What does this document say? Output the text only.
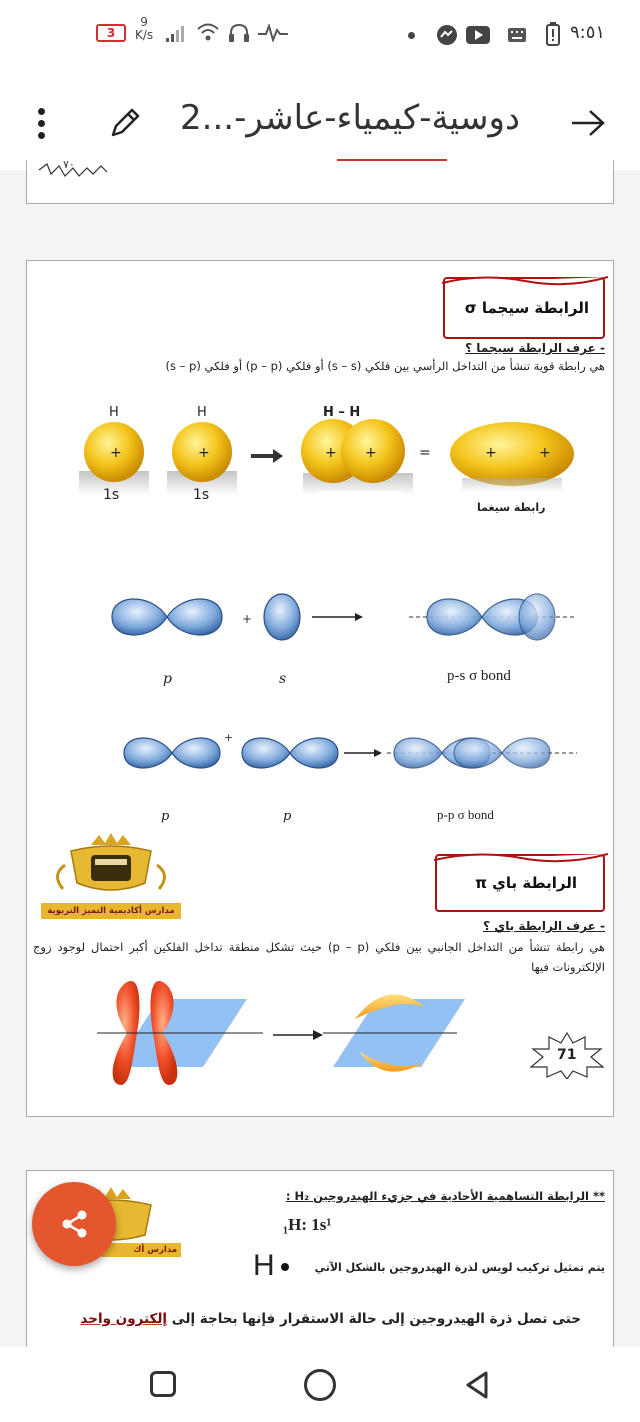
3
9
K/s	٩:٥١
دوسية-كيمياء-عاشر-...2
٧٠
الرابطة سيجما σ
- عرف الرابطة سيجما ؟
هي رابطة قوية تنشأ من التداخل الرأسي بين فلكي (s – s) أو فلكي (p – p) أو فلكي (s – p)
H	H	H – H
+	+	+ +	=	+	+
1s	1s
رابطة سيغما
+
p	s	p-s σ bond
+
p	p	p-p σ bond
مدارس أكاديمية التميز التربوية
الرابطة باي π
- عرف الرابطة باي ؟
هي رابطة تنشأ من التداخل الجانبي بين فلكي (p – p) حيث تشكل منطقة تداخل الفلكين أكبر احتمال لوجود زوج الإلكترونات فيها
71
** الرابطة التساهمية الأحادية في جزيء الهيدروجين H₂ :
مدارس أك
₁H: 1s¹
يتم تمثيل تركيب لويس لذرة الهيدروجين بالشكل الآتي
H
حتى تصل ذرة الهيدروجين إلى حالة الاستقرار فإنها بحاجة إلى إلكترون واحد
